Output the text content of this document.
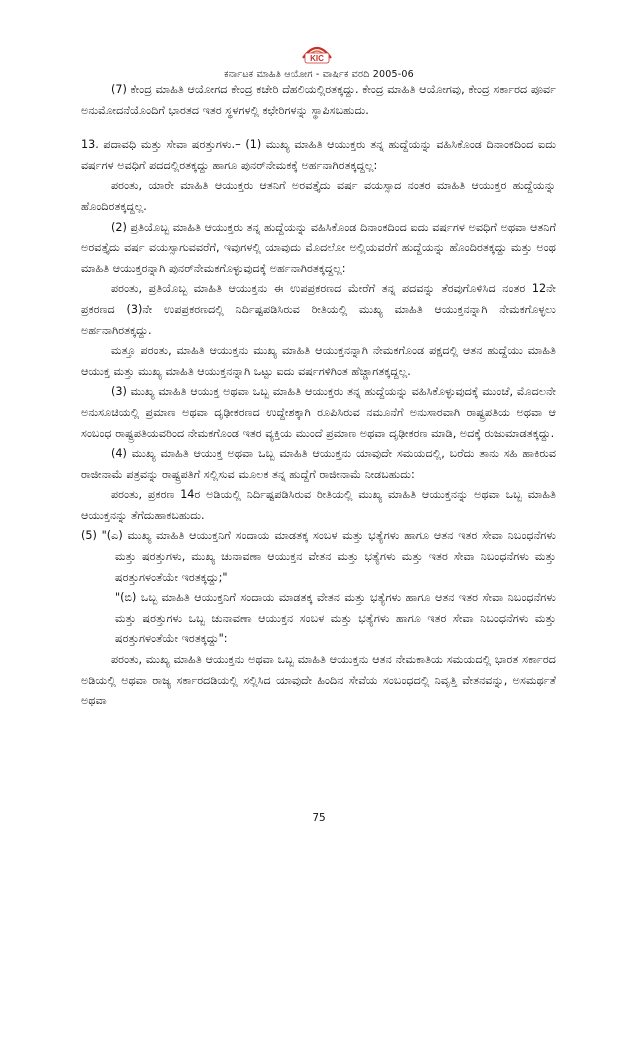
KIC
ಕರ್ನಾಟಕ ಮಾಹಿತಿ ಆಯೋಗ - ವಾರ್ಷಿಕ ವರದಿ 2005-06

(7) ಕೇಂದ್ರ ಮಾಹಿತಿ ಆಯೋಗದ ಕೇಂದ್ರ ಕಚೇರಿ ದೆಹಲಿಯಲ್ಲಿರತಕ್ಕದ್ದು. ಕೇಂದ್ರ ಮಾಹಿತಿ ಆಯೋಗವು, ಕೇಂದ್ರ ಸರ್ಕಾರದ ಪೂರ್ವ ಅನುಮೋದನೆಯೊಂದಿಗೆ ಭಾರತದ ಇತರ ಸ್ಥಳಗಳಲ್ಲಿ ಕಛೇರಿಗಳನ್ನು ಸ್ಥಾಪಿಸಬಹುದು.

13. ಪದಾವಧಿ ಮತ್ತು ಸೇವಾ ಷರತ್ತುಗಳು.– (1) ಮುಖ್ಯ ಮಾಹಿತಿ ಆಯುಕ್ತರು ತನ್ನ ಹುದ್ದೆಯನ್ನು ವಹಿಸಿಕೊಂಡ ದಿನಾಂಕದಿಂದ ಐದು ವರ್ಷಗಳ ಅವಧಿಗೆ ಪದದಲ್ಲಿರತಕ್ಕದ್ದು ಹಾಗೂ ಪುನರ್‌ನೇಮಕಕ್ಕೆ ಅರ್ಹನಾಗಿರತಕ್ಕದ್ದಲ್ಲ:

ಪರಂತು, ಯಾರೇ ಮಾಹಿತಿ ಆಯುಕ್ತರು ಆತನಿಗೆ ಅರವತ್ತೈದು ವರ್ಷ ವಯಸ್ಸಾದ ನಂತರ ಮಾಹಿತಿ ಆಯುಕ್ತರ ಹುದ್ದೆಯನ್ನು ಹೊಂದಿರತಕ್ಕದ್ದಲ್ಲ.

(2) ಪ್ರತಿಯೊಬ್ಬ ಮಾಹಿತಿ ಆಯುಕ್ತರು ತನ್ನ ಹುದ್ದೆಯನ್ನು ವಹಿಸಿಕೊಂಡ ದಿನಾಂಕದಿಂದ ಐದು ವರ್ಷಗಳ ಅವಧಿಗೆ ಅಥವಾ ಆತನಿಗೆ ಅರವತ್ತೈದು ವರ್ಷ ವಯಸ್ಸಾಗುವವರೆಗೆ, ಇವುಗಳಲ್ಲಿ ಯಾವುದು ಮೊದಲೋ ಅಲ್ಲಿಯವರೆಗೆ ಹುದ್ದೆಯನ್ನು ಹೊಂದಿರತಕ್ಕದ್ದು ಮತ್ತು ಅಂಥ ಮಾಹಿತಿ ಆಯುಕ್ತರನ್ನಾಗಿ ಪುನರ್‌ನೇಮಕಗೊಳ್ಳುವುದಕ್ಕೆ ಅರ್ಹನಾಗಿರತಕ್ಕದ್ದಲ್ಲ:

ಪರಂತು, ಪ್ರತಿಯೊಬ್ಬ ಮಾಹಿತಿ ಆಯುಕ್ತನು ಈ ಉಪಪ್ರಕರಣದ ಮೇರೆಗೆ ತನ್ನ ಪದವನ್ನು ತೆರವುಗೊಳಿಸಿದ ನಂತರ 12ನೇ ಪ್ರಕರಣದ (3)ನೇ ಉಪಪ್ರಕರಣದಲ್ಲಿ ನಿರ್ದಿಷ್ಟಪಡಿಸಿರುವ ರೀತಿಯಲ್ಲಿ ಮುಖ್ಯ ಮಾಹಿತಿ ಆಯುಕ್ತನನ್ನಾಗಿ ನೇಮಕಗೊಳ್ಳಲು ಅರ್ಹನಾಗಿರತಕ್ಕದ್ದು.

ಮತ್ತೂ ಪರಂತು, ಮಾಹಿತಿ ಆಯುಕ್ತನು ಮುಖ್ಯ ಮಾಹಿತಿ ಆಯುಕ್ತನನ್ನಾಗಿ ನೇಮಕಗೊಂಡ ಪಕ್ಷದಲ್ಲಿ ಆತನ ಹುದ್ದೆಯು ಮಾಹಿತಿ ಆಯುಕ್ತ ಮತ್ತು ಮುಖ್ಯ ಮಾಹಿತಿ ಆಯುಕ್ತನನ್ನಾಗಿ ಒಟ್ಟು ಐದು ವರ್ಷಗಳಿಗಿಂತ ಹೆಚ್ಚಾಗತಕ್ಕದ್ದಲ್ಲ.

(3) ಮುಖ್ಯ ಮಾಹಿತಿ ಆಯುಕ್ತ ಅಥವಾ ಒಬ್ಬ ಮಾಹಿತಿ ಆಯುಕ್ತರು ತನ್ನ ಹುದ್ದೆಯನ್ನು ವಹಿಸಿಕೊಳ್ಳುವುದಕ್ಕೆ ಮುಂಚೆ, ಮೊದಲನೇ ಅನುಸೂಚಿಯಲ್ಲಿ ಪ್ರಮಾಣ ಅಥವಾ ದೃಢೀಕರಣದ ಉದ್ದೇಶಕ್ಕಾಗಿ ರೂಪಿಸಿರುವ ನಮೂನೆಗೆ ಅನುಸಾರವಾಗಿ ರಾಷ್ಟ್ರಪತಿಯ ಅಥವಾ ಆ ಸಂಬಂಧ ರಾಷ್ಟ್ರಪತಿಯವರಿಂದ ನೇಮಕಗೊಂಡ ಇತರ ವ್ಯಕ್ತಿಯ ಮುಂದೆ ಪ್ರಮಾಣ ಅಥವಾ ದೃಢೀಕರಣ ಮಾಡಿ, ಅದಕ್ಕೆ ರುಜುಮಾಡತಕ್ಕದ್ದು.

(4) ಮುಖ್ಯ ಮಾಹಿತಿ ಆಯುಕ್ತ ಅಥವಾ ಒಬ್ಬ ಮಾಹಿತಿ ಆಯುಕ್ತನು ಯಾವುದೇ ಸಮಯದಲ್ಲಿ, ಬರೆದು ತಾನು ಸಹಿ ಹಾಕಿರುವ ರಾಜೀನಾಮೆ ಪತ್ರವನ್ನು ರಾಷ್ಟ್ರಪತಿಗೆ ಸಲ್ಲಿಸುವ ಮೂಲಕ ತನ್ನ ಹುದ್ದೆಗೆ ರಾಜೀನಾಮೆ ನೀಡಬಹುದು:

ಪರಂತು, ಪ್ರಕರಣ 14ರ ಅಡಿಯಲ್ಲಿ ನಿರ್ದಿಷ್ಟಪಡಿಸಿರುವ ರೀತಿಯಲ್ಲಿ ಮುಖ್ಯ ಮಾಹಿತಿ ಆಯುಕ್ತನನ್ನು ಅಥವಾ ಒಬ್ಬ ಮಾಹಿತಿ ಆಯುಕ್ತನನ್ನು ತೆಗೆದುಹಾಕಬಹುದು.

(5) "(ಎ) ಮುಖ್ಯ ಮಾಹಿತಿ ಆಯುಕ್ತನಿಗೆ ಸಂದಾಯ ಮಾಡತಕ್ಕ ಸಂಬಳ ಮತ್ತು ಭತ್ಯೆಗಳು ಹಾಗೂ ಆತನ ಇತರ ಸೇವಾ ನಿಬಂಧನೆಗಳು ಮತ್ತು ಷರತ್ತುಗಳು, ಮುಖ್ಯ ಚುನಾವಣಾ ಆಯುಕ್ತನ ವೇತನ ಮತ್ತು ಭತ್ಯೆಗಳು ಮತ್ತು ಇತರ ಸೇವಾ ನಿಬಂಧನೆಗಳು ಮತ್ತು ಷರತ್ತುಗಳಂತೆಯೇ ಇರತಕ್ಕದ್ದು;"

"(ಬಿ) ಒಬ್ಬ ಮಾಹಿತಿ ಆಯುಕ್ತನಿಗೆ ಸಂದಾಯ ಮಾಡತಕ್ಕ ವೇತನ ಮತ್ತು ಭತ್ಯೆಗಳು ಹಾಗೂ ಆತನ ಇತರ ಸೇವಾ ನಿಬಂಧನೆಗಳು ಮತ್ತು ಷರತ್ತುಗಳು ಒಬ್ಬ ಚುನಾವಣಾ ಆಯುಕ್ತನ ಸಂಬಳ ಮತ್ತು ಭತ್ಯೆಗಳು ಹಾಗೂ ಇತರ ಸೇವಾ ನಿಬಂಧನೆಗಳು ಮತ್ತು ಷರತ್ತುಗಳಂತೆಯೇ ಇರತಕ್ಕದ್ದು":

ಪರಂತು, ಮುಖ್ಯ ಮಾಹಿತಿ ಆಯುಕ್ತನು ಅಥವಾ ಒಬ್ಬ ಮಾಹಿತಿ ಆಯುಕ್ತನು ಆತನ ನೇಮಕಾತಿಯ ಸಮಯದಲ್ಲಿ ಭಾರತ ಸರ್ಕಾರದ ಅಡಿಯಲ್ಲಿ ಅಥವಾ ರಾಜ್ಯ ಸರ್ಕಾರದಡಿಯಲ್ಲಿ ಸಲ್ಲಿಸಿದ ಯಾವುದೇ ಹಿಂದಿನ ಸೇವೆಯ ಸಂಬಂಧದಲ್ಲಿ ನಿವೃತ್ತಿ ವೇತನವನ್ನು, ಅಸಮರ್ಥತೆ ಅಥವಾ

75
